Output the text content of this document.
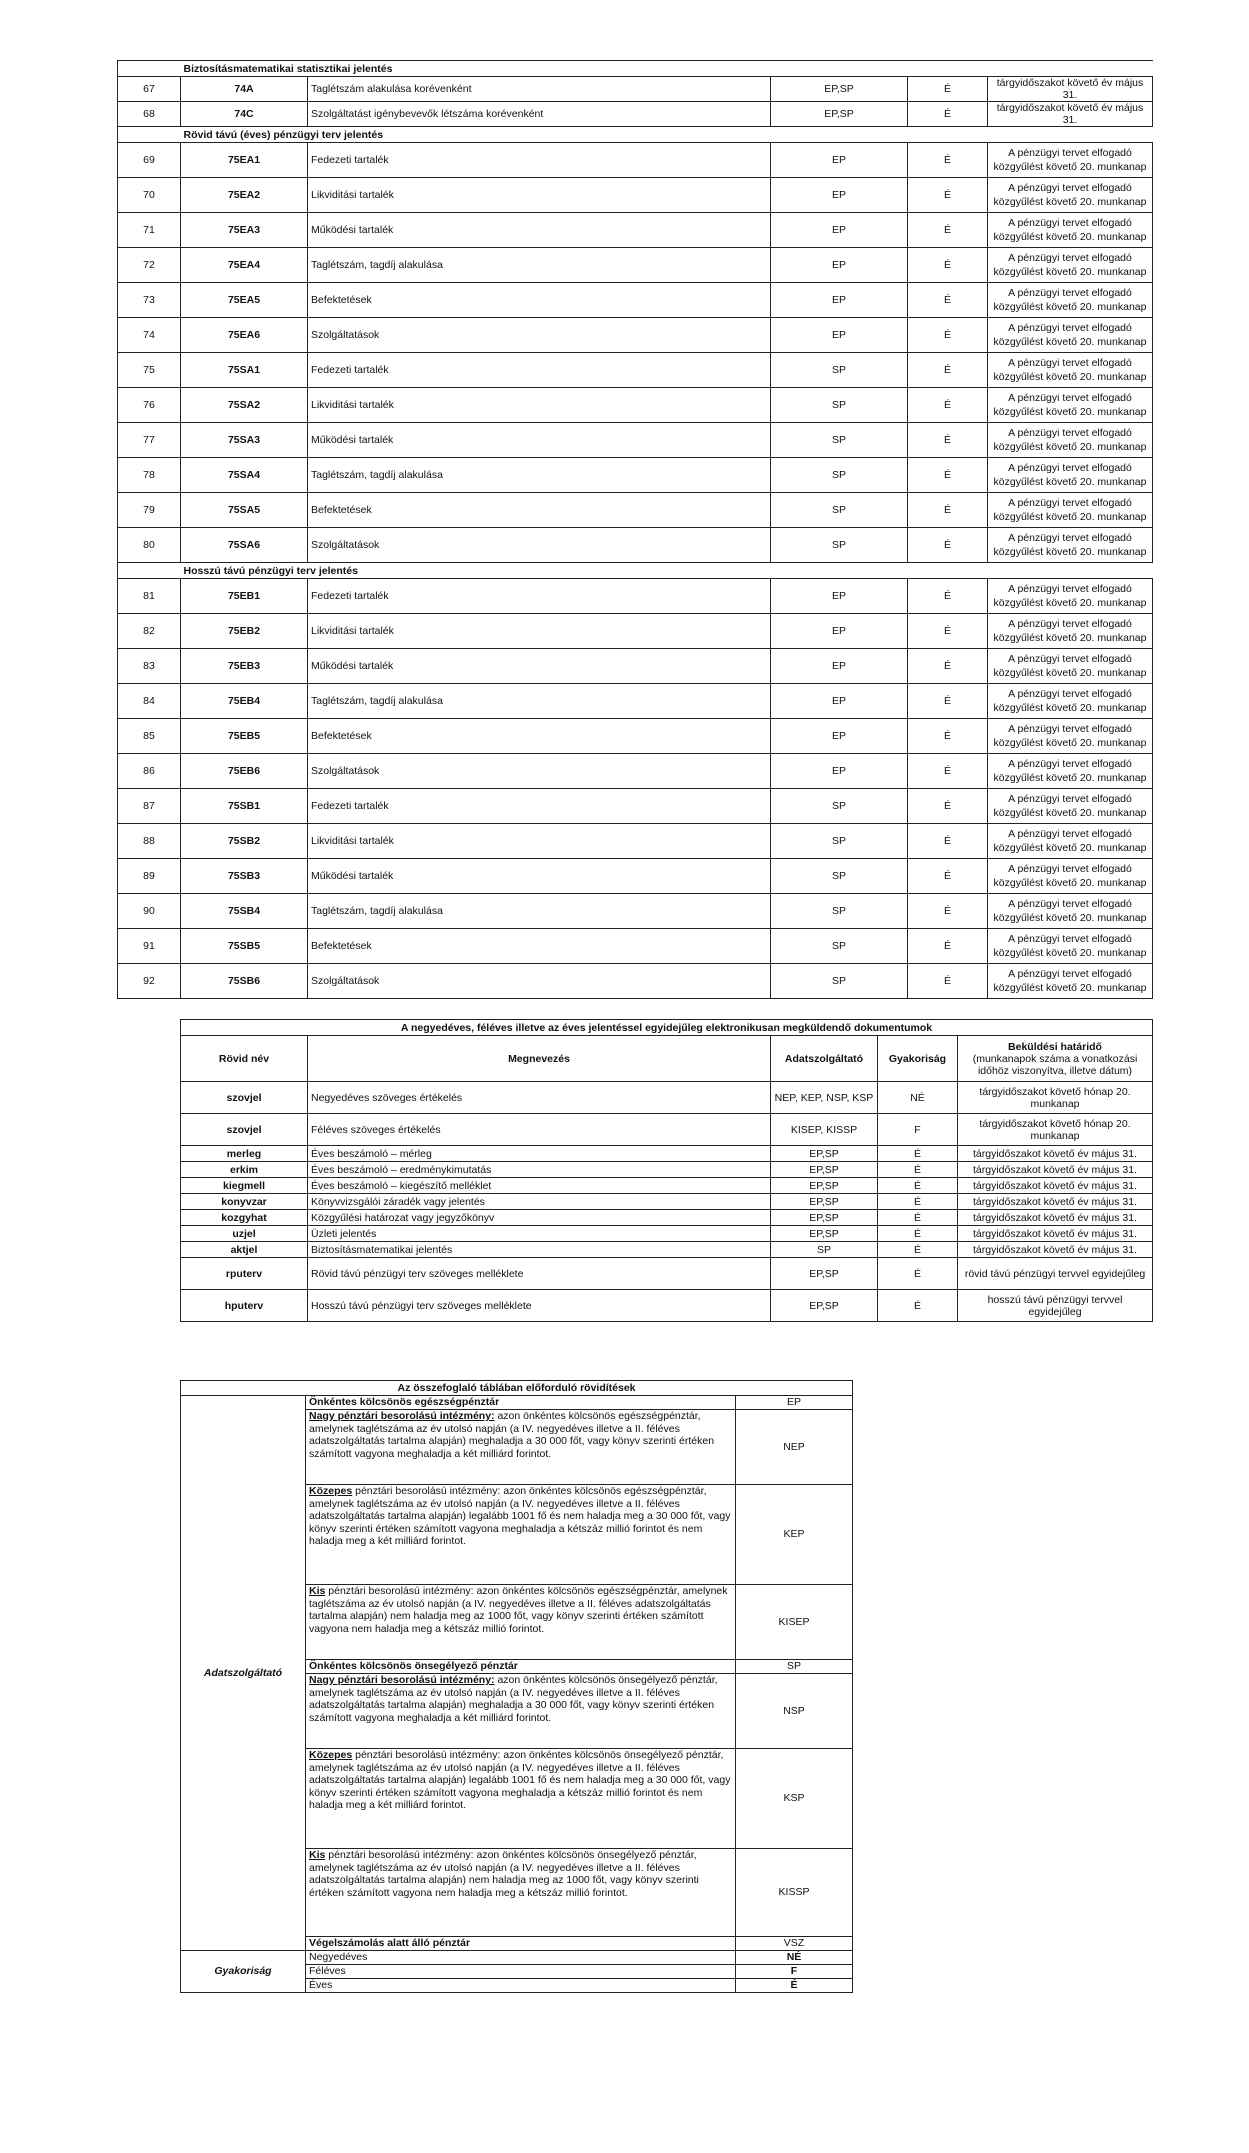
	Biztosításmatematikai statisztikai jelentés				
67	74A	Taglétszám alakulása korévenként	EP,SP	É	tárgyidőszakot követő év május 31.
68	74C	Szolgáltatást igénybevevők létszáma korévenként	EP,SP	É	tárgyidőszakot követő év május 31.
	Rövid távú (éves) pénzügyi terv jelentés				
69	75EA1	Fedezeti tartalék	EP	É	A pénzügyi tervet elfogadó közgyűlést követő 20. munkanap
70	75EA2	Likviditási tartalék	EP	É	A pénzügyi tervet elfogadó közgyűlést követő 20. munkanap
71	75EA3	Működési tartalék	EP	É	A pénzügyi tervet elfogadó közgyűlést követő 20. munkanap
72	75EA4	Taglétszám, tagdíj alakulása	EP	É	A pénzügyi tervet elfogadó közgyűlést követő 20. munkanap
73	75EA5	Befektetések	EP	É	A pénzügyi tervet elfogadó közgyűlést követő 20. munkanap
74	75EA6	Szolgáltatások	EP	É	A pénzügyi tervet elfogadó közgyűlést követő 20. munkanap
75	75SA1	Fedezeti tartalék	SP	É	A pénzügyi tervet elfogadó közgyűlést követő 20. munkanap
76	75SA2	Likviditási tartalék	SP	É	A pénzügyi tervet elfogadó közgyűlést követő 20. munkanap
77	75SA3	Működési tartalék	SP	É	A pénzügyi tervet elfogadó közgyűlést követő 20. munkanap
78	75SA4	Taglétszám, tagdíj alakulása	SP	É	A pénzügyi tervet elfogadó közgyűlést követő 20. munkanap
79	75SA5	Befektetések	SP	É	A pénzügyi tervet elfogadó közgyűlést követő 20. munkanap
80	75SA6	Szolgáltatások	SP	É	A pénzügyi tervet elfogadó közgyűlést követő 20. munkanap
	Hosszú távú pénzügyi terv jelentés				
81	75EB1	Fedezeti tartalék	EP	É	A pénzügyi tervet elfogadó közgyűlést követő 20. munkanap
82	75EB2	Likviditási tartalék	EP	É	A pénzügyi tervet elfogadó közgyűlést követő 20. munkanap
83	75EB3	Működési tartalék	EP	É	A pénzügyi tervet elfogadó közgyűlést követő 20. munkanap
84	75EB4	Taglétszám, tagdíj alakulása	EP	É	A pénzügyi tervet elfogadó közgyűlést követő 20. munkanap
85	75EB5	Befektetések	EP	É	A pénzügyi tervet elfogadó közgyűlést követő 20. munkanap
86	75EB6	Szolgáltatások	EP	É	A pénzügyi tervet elfogadó közgyűlést követő 20. munkanap
87	75SB1	Fedezeti tartalék	SP	É	A pénzügyi tervet elfogadó közgyűlést követő 20. munkanap
88	75SB2	Likviditási tartalék	SP	É	A pénzügyi tervet elfogadó közgyűlést követő 20. munkanap
89	75SB3	Működési tartalék	SP	É	A pénzügyi tervet elfogadó közgyűlést követő 20. munkanap
90	75SB4	Taglétszám, tagdíj alakulása	SP	É	A pénzügyi tervet elfogadó közgyűlést követő 20. munkanap
91	75SB5	Befektetések	SP	É	A pénzügyi tervet elfogadó közgyűlést követő 20. munkanap
92	75SB6	Szolgáltatások	SP	É	A pénzügyi tervet elfogadó közgyűlést követő 20. munkanap
A negyedéves, féléves illetve az éves jelentéssel egyidejűleg elektronikusan megküldendő dokumentumok				
Rövid név	Megnevezés	Adatszolgáltató	Gyakoriság	Beküldési határidő
(munkanapok száma a vonatkozási időhöz viszonyítva, illetve dátum)

szovjel	Negyedéves szöveges értékelés	NEP, KEP, NSP, KSP	NÉ	tárgyidőszakot követő hónap 20. munkanap
szovjel	Féléves szöveges értékelés	KISEP, KISSP	F	tárgyidőszakot követő hónap 20. munkanap
merleg	Éves beszámoló – mérleg	EP,SP	É	tárgyidőszakot követő év május 31.
erkim	Éves beszámoló – eredménykimutatás	EP,SP	É	tárgyidőszakot követő év május 31.
kiegmell	Éves beszámoló – kiegészítő melléklet	EP,SP	É	tárgyidőszakot követő év május 31.
konyvzar	Könyvvizsgálói záradék vagy jelentés	EP,SP	É	tárgyidőszakot követő év május 31.
kozgyhat	Közgyűlési határozat vagy jegyzőkönyv	EP,SP	É	tárgyidőszakot követő év május 31.
uzjel	Üzleti jelentés	EP,SP	É	tárgyidőszakot követő év május 31.
aktjel	Biztosításmatematikai jelentés	SP	É	tárgyidőszakot követő év május 31.
rputerv	Rövid távú pénzügyi terv szöveges melléklete	EP,SP	É	rövid távú pénzügyi tervvel egyidejűleg
hputerv	Hosszú távú pénzügyi terv szöveges melléklete	EP,SP	É	hosszú távú pénzügyi tervvel egyidejűleg
Az összefoglaló táblában előforduló rövidítések		
Adatszolgáltató	Önkéntes kölcsönös egészségpénztár	EP
	Nagy pénztári besorolású intézmény: azon önkéntes kölcsönös egészségpénztár, amelynek taglétszáma az év utolsó napján (a IV. negyedéves illetve a II. féléves adatszolgáltatás tartalma alapján) meghaladja a 30 000 főt, vagy könyv szerinti értéken számított vagyona meghaladja a két milliárd forintot.	NEP
	Közepes pénztári besorolású intézmény: azon önkéntes kölcsönös egészségpénztár, amelynek taglétszáma az év utolsó napján (a IV. negyedéves illetve a II. féléves adatszolgáltatás tartalma alapján) legalább 1001 fő és nem haladja meg a 30 000 főt, vagy könyv szerinti értéken számított vagyona meghaladja a kétszáz millió forintot és nem haladja meg a két milliárd forintot.	KEP
	Kis pénztári besorolású intézmény: azon önkéntes kölcsönös egészségpénztár, amelynek taglétszáma az év utolsó napján (a IV. negyedéves illetve a II. féléves adatszolgáltatás tartalma alapján) nem haladja meg az 1000 főt, vagy könyv szerinti értéken számított vagyona nem haladja meg a kétszáz millió forintot.	KISEP
	Önkéntes kölcsönös önsegélyező pénztár	SP
	Nagy pénztári besorolású intézmény: azon önkéntes kölcsönös önsegélyező pénztár, amelynek taglétszáma az év utolsó napján (a IV. negyedéves illetve a II. féléves adatszolgáltatás tartalma alapján) meghaladja a 30 000 főt, vagy könyv szerinti értéken számított vagyona meghaladja a két milliárd forintot.	NSP
	Közepes pénztári besorolású intézmény: azon önkéntes kölcsönös önsegélyező pénztár, amelynek taglétszáma az év utolsó napján (a IV. negyedéves illetve a II. féléves adatszolgáltatás tartalma alapján) legalább 1001 fő és nem haladja meg a 30 000 főt, vagy könyv szerinti értéken számított vagyona meghaladja a kétszáz millió forintot és nem haladja meg a két milliárd forintot.	KSP
	Kis pénztári besorolású intézmény: azon önkéntes kölcsönös önsegélyező pénztár, amelynek taglétszáma az év utolsó napján (a IV. negyedéves illetve a II. féléves adatszolgáltatás tartalma alapján) nem haladja meg az 1000 főt, vagy könyv szerinti értéken számított vagyona nem haladja meg a kétszáz millió forintot.	KISSP
	Végelszámolás alatt álló pénztár	VSZ
Gyakoriság	Negyedéves	NÉ
	Féléves	F
	Éves	É
